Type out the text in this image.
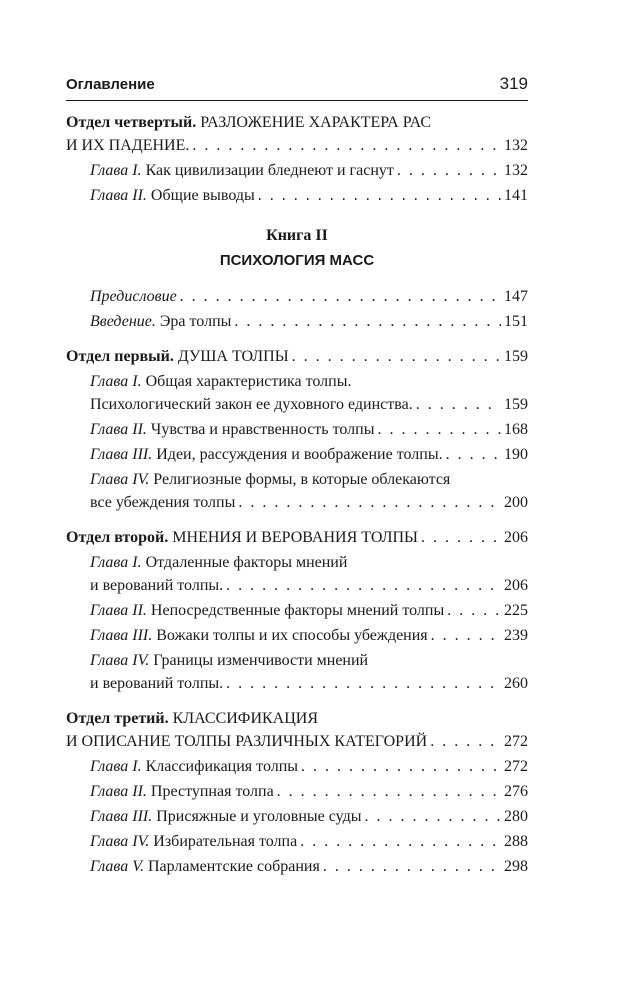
Оглавление	319
Отдел четвертый. РАЗЛОЖЕНИЕ ХАРАКТЕРА РАС
И ИХ ПАДЕНИЕ. . . .	132
Глава I. Как цивилизации бледнеют и гаснут . . .	132
Глава II. Общие выводы . . .	141
Книга II
ПСИХОЛОГИЯ МАСС
Предисловие . . .	147
Введение. Эра толпы . . .	151
Отдел первый. ДУША ТОЛПЫ . . .	159
Глава I. Общая характеристика толпы.
Психологический закон ее духовного единства. . . .	159
Глава II. Чувства и нравственность толпы . . .	168
Глава III. Идеи, рассуждения и воображение толпы. . . .	190
Глава IV. Религиозные формы, в которые облекаются
все убеждения толпы . . .	200
Отдел второй. МНЕНИЯ И ВЕРОВАНИЯ ТОЛПЫ . . .	206
Глава I. Отдаленные факторы мнений
и верований толпы. . . .	206
Глава II. Непосредственные факторы мнений толпы . . .	225
Глава III. Вожаки толпы и их способы убеждения . . .	239
Глава IV. Границы изменчивости мнений
и верований толпы. . . .	260
Отдел третий. КЛАССИФИКАЦИЯ
И ОПИСАНИЕ ТОЛПЫ РАЗЛИЧНЫХ КАТЕГОРИЙ . . .	272
Глава I. Классификация толпы . . .	272
Глава II. Преступная толпа . . .	276
Глава III. Присяжные и уголовные суды . . .	280
Глава IV. Избирательная толпа . . .	288
Глава V. Парламентские собрания . . .	298
